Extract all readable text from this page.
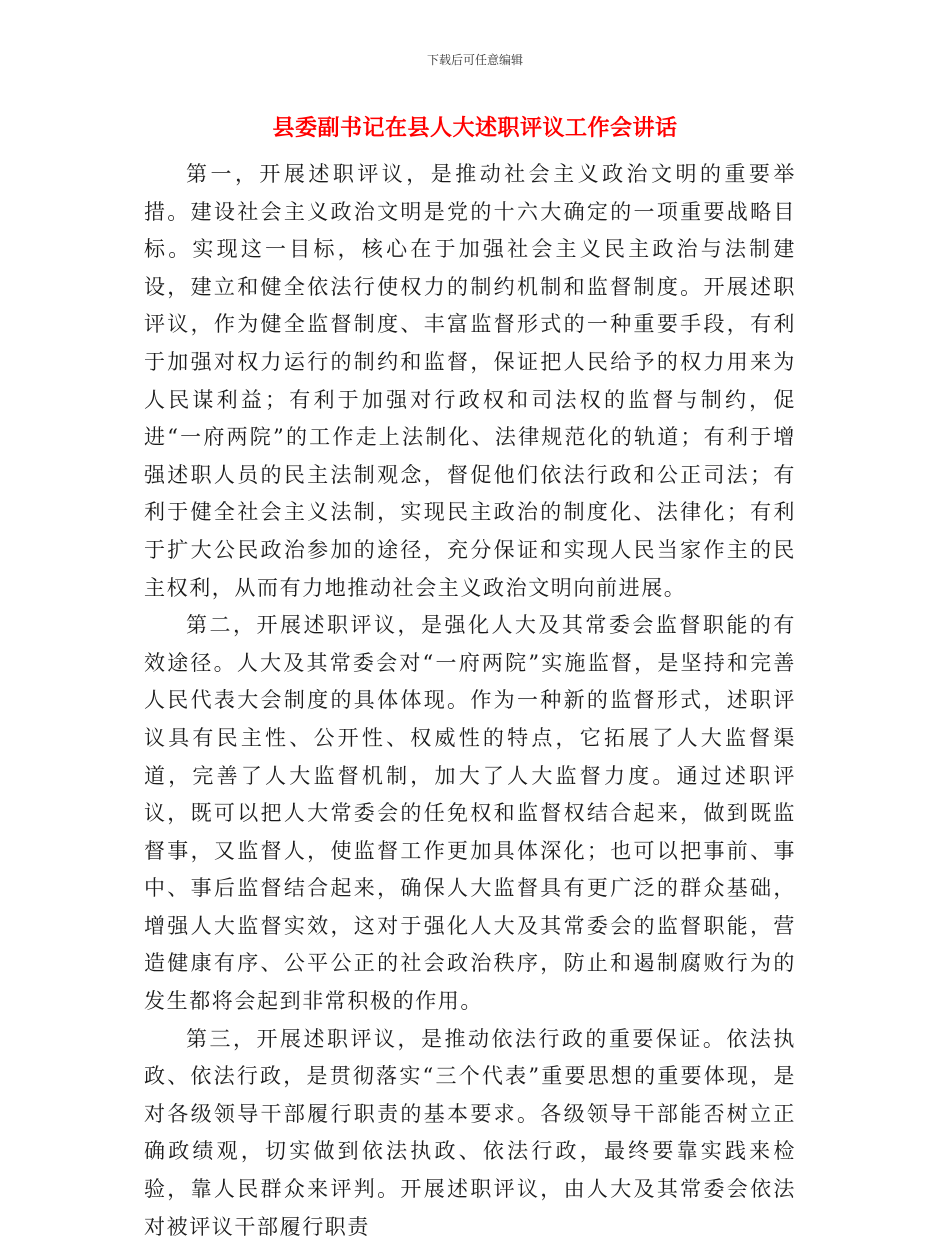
下载后可任意编辑
县委副书记在县人大述职评议工作会讲话

第一，开展述职评议，是推动社会主义政治文明的重要举措。建设社会主义政治文明是党的十六大确定的一项重要战略目标。实现这一目标，核心在于加强社会主义民主政治与法制建设，建立和健全依法行使权力的制约机制和监督制度。开展述职评议，作为健全监督制度、丰富监督形式的一种重要手段，有利于加强对权力运行的制约和监督，保证把人民给予的权力用来为人民谋利益；有利于加强对行政权和司法权的监督与制约，促进“一府两院”的工作走上法制化、法律规范化的轨道；有利于增强述职人员的民主法制观念，督促他们依法行政和公正司法；有利于健全社会主义法制，实现民主政治的制度化、法律化；有利于扩大公民政治参加的途径，充分保证和实现人民当家作主的民主权利，从而有力地推动社会主义政治文明向前进展。

第二，开展述职评议，是强化人大及其常委会监督职能的有效途径。人大及其常委会对“一府两院”实施监督，是坚持和完善人民代表大会制度的具体体现。作为一种新的监督形式，述职评议具有民主性、公开性、权威性的特点，它拓展了人大监督渠道，完善了人大监督机制，加大了人大监督力度。通过述职评议，既可以把人大常委会的任免权和监督权结合起来，做到既监督事，又监督人，使监督工作更加具体深化；也可以把事前、事中、事后监督结合起来，确保人大监督具有更广泛的群众基础，增强人大监督实效，这对于强化人大及其常委会的监督职能，营造健康有序、公平公正的社会政治秩序，防止和遏制腐败行为的发生都将会起到非常积极的作用。

第三，开展述职评议，是推动依法行政的重要保证。依法执政、依法行政，是贯彻落实“三个代表”重要思想的重要体现，是对各级领导干部履行职责的基本要求。各级领导干部能否树立正确政绩观，切实做到依法执政、依法行政，最终要靠实践来检验，靠人民群众来评判。开展述职评议，由人大及其常委会依法对被评议干部履行职责
